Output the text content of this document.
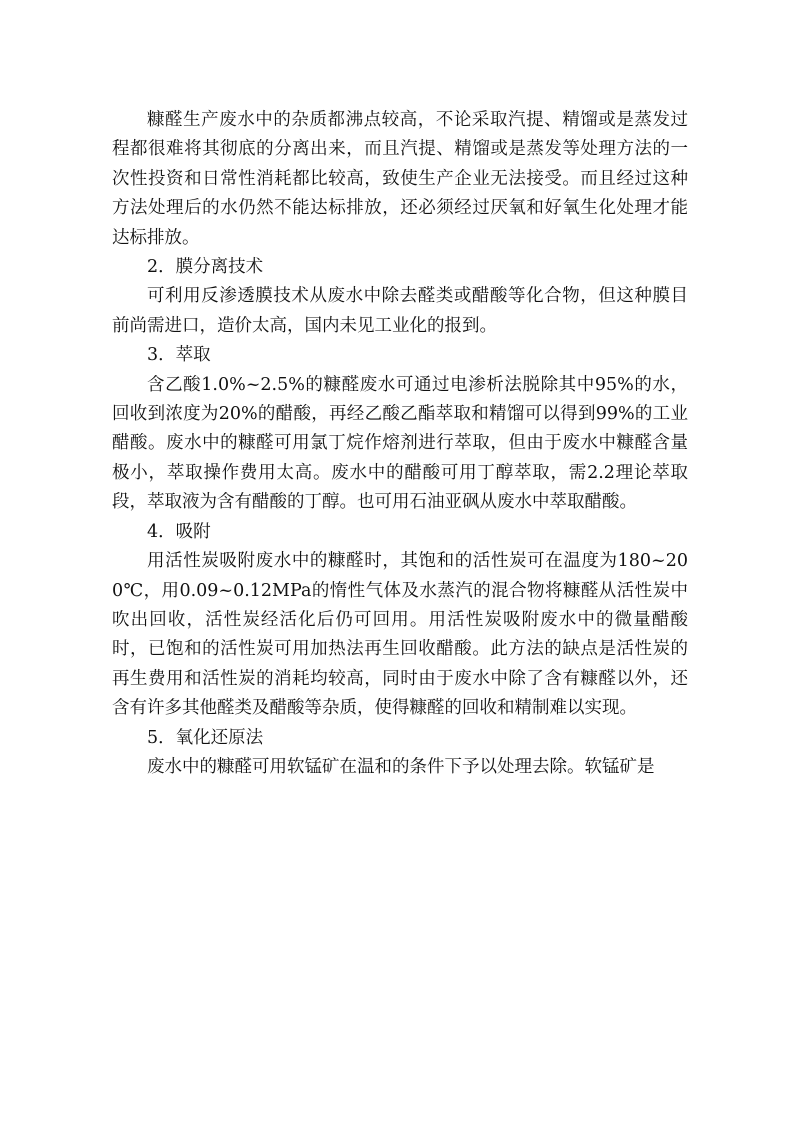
糠醛生产废水中的杂质都沸点较高，不论采取汽提、精馏或是蒸发过程都很难将其彻底的分离出来，而且汽提、精馏或是蒸发等处理方法的一次性投资和日常性消耗都比较高，致使生产企业无法接受。而且经过这种方法处理后的水仍然不能达标排放，还必须经过厌氧和好氧生化处理才能达标排放。

2．膜分离技术

可利用反渗透膜技术从废水中除去醛类或醋酸等化合物，但这种膜目前尚需进口，造价太高，国内未见工业化的报到。

3．萃取

含乙酸1.0%~2.5%的糠醛废水可通过电渗析法脱除其中95%的水，回收到浓度为20%的醋酸，再经乙酸乙酯萃取和精馏可以得到99%的工业醋酸。废水中的糠醛可用氯丁烷作熔剂进行萃取，但由于废水中糠醛含量极小，萃取操作费用太高。废水中的醋酸可用丁醇萃取，需2.2理论萃取段，萃取液为含有醋酸的丁醇。也可用石油亚砜从废水中萃取醋酸。

4．吸附

用活性炭吸附废水中的糠醛时，其饱和的活性炭可在温度为180~200℃，用0.09~0.12MPa的惰性气体及水蒸汽的混合物将糠醛从活性炭中吹出回收，活性炭经活化后仍可回用。用活性炭吸附废水中的微量醋酸时，已饱和的活性炭可用加热法再生回收醋酸。此方法的缺点是活性炭的再生费用和活性炭的消耗均较高，同时由于废水中除了含有糠醛以外，还含有许多其他醛类及醋酸等杂质，使得糠醛的回收和精制难以实现。

5．氧化还原法

废水中的糠醛可用软锰矿在温和的条件下予以处理去除。软锰矿是
